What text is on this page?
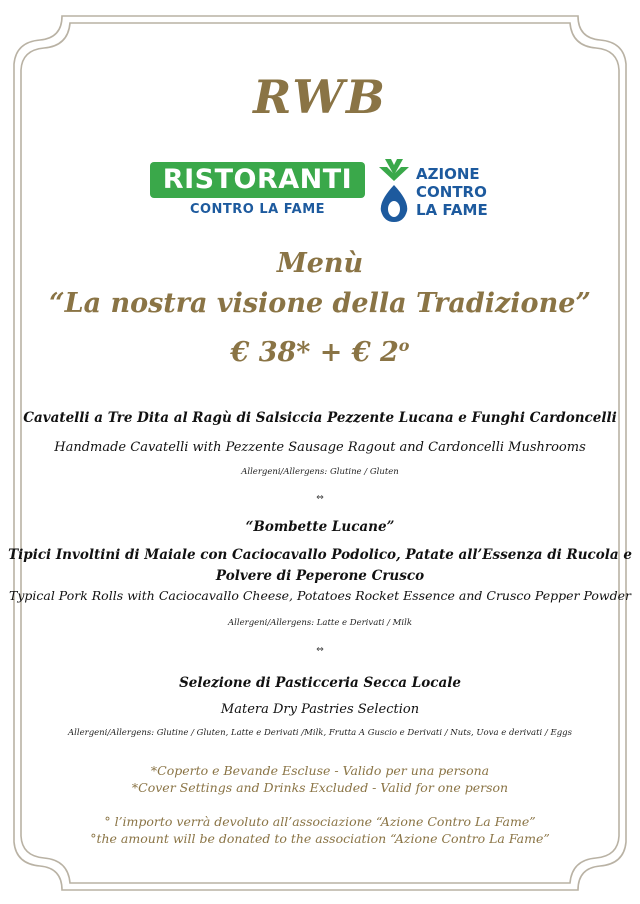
RWB
RISTORANTI
CONTRO LA FAME
AZIONE
CONTRO
LA FAME
Menù
“La nostra visione della Tradizione”
€ 38* + € 2$^o$
Cavatelli a Tre Dita al Ragù di Salsiccia Pezzente Lucana e Funghi Cardoncelli
Handmade Cavatelli with Pezzente Sausage Ragout and Cardoncelli Mushrooms
Allergeni/Allergens: Glutine / Gluten
⇔
“Bombette Lucane”
Tipici Involtini di Maiale con Caciocavallo Podolico, Patate all’Essenza di Rucola e
Polvere di Peperone Crusco
Typical Pork Rolls with Caciocavallo Cheese, Potatoes Rocket Essence and Crusco Pepper Powder
Allergeni/Allergens: Latte e Derivati / Milk
⇔
Selezione di Pasticceria Secca Locale
Matera Dry Pastries Selection
Allergeni/Allergens: Glutine / Gluten, Latte e Derivati /Milk, Frutta A Guscio e Derivati / Nuts, Uova e derivati / Eggs
*Coperto e Bevande Escluse - Valido per una persona
*Cover Settings and Drinks Excluded - Valid for one person
° l’importo verrà devoluto all’associazione “Azione Contro La Fame”
°the amount will be donated to the association “Azione Contro La Fame”
